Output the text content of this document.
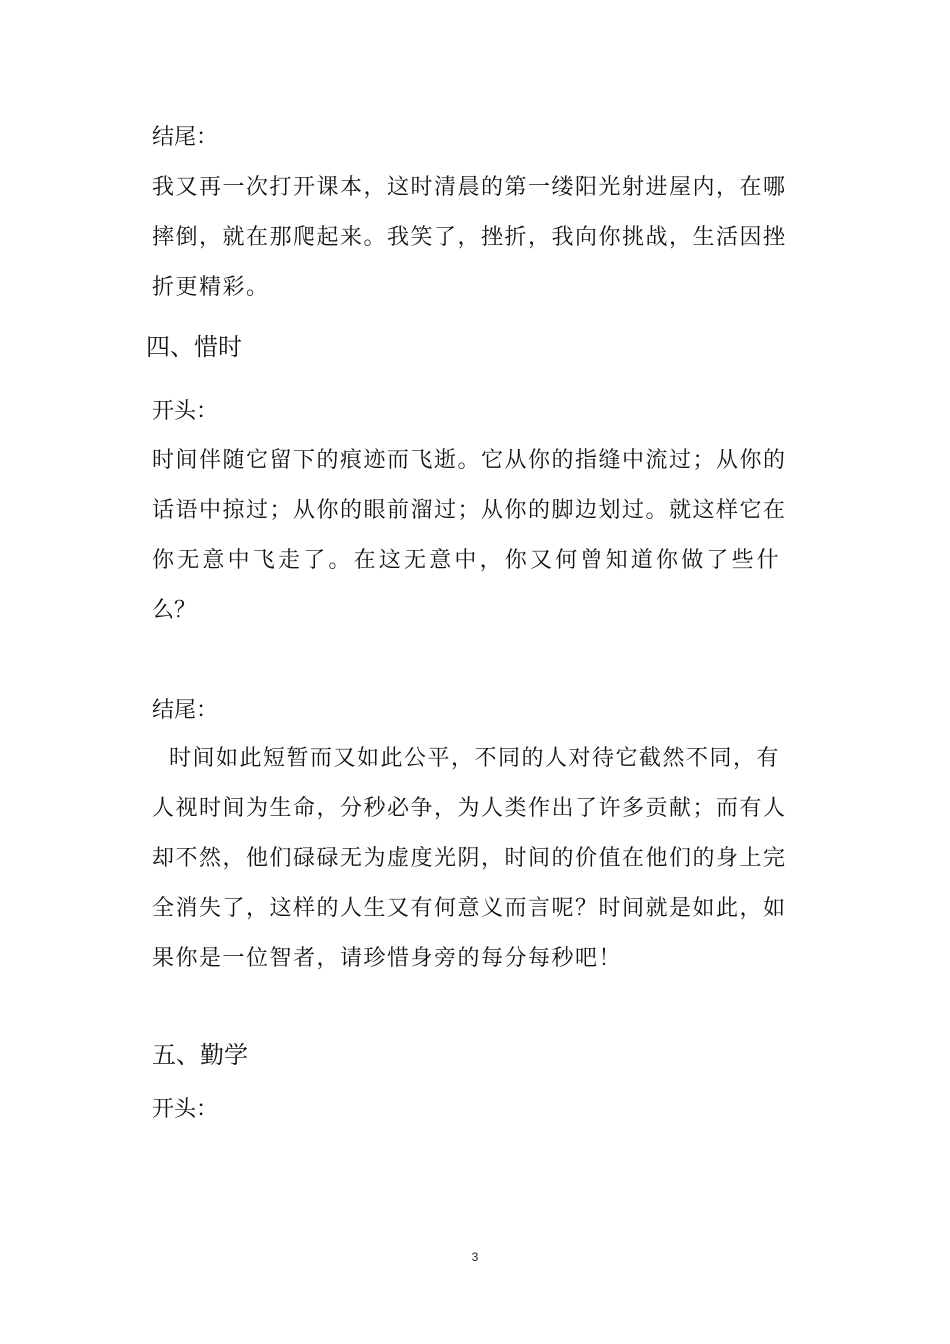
结尾：

我又再一次打开课本，这时清晨的第一缕阳光射进屋内，在哪

摔倒，就在那爬起来。我笑了，挫折，我向你挑战，生活因挫

折更精彩。

四、惜时

开头：

时间伴随它留下的痕迹而飞逝。它从你的指缝中流过；从你的

话语中掠过；从你的眼前溜过；从你的脚边划过。就这样它在

你无意中飞走了。在这无意中，你又何曾知道你做了些什

么？

结尾：

时间如此短暂而又如此公平，不同的人对待它截然不同，有

人视时间为生命，分秒必争，为人类作出了许多贡献；而有人

却不然，他们碌碌无为虚度光阴，时间的价值在他们的身上完

全消失了，这样的人生又有何意义而言呢？时间就是如此，如

果你是一位智者，请珍惜身旁的每分每秒吧！

五、勤学

开头：

3
